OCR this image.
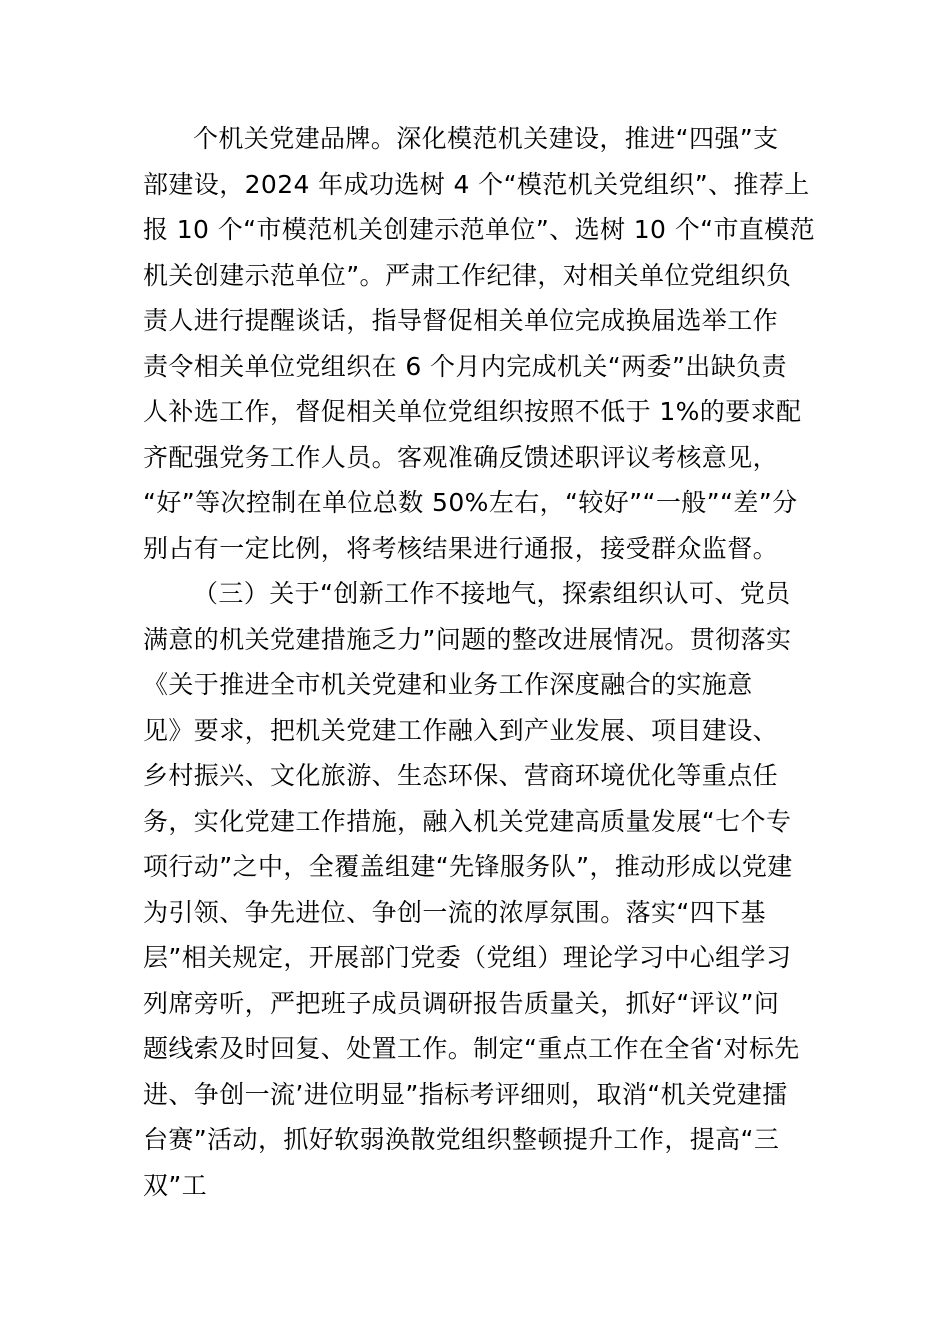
个机关党建品牌。深化模范机关建设，推进“四强”支
部建设，2024 年成功选树 4 个“模范机关党组织”、推荐上
报 10 个“市模范机关创建示范单位”、选树 10 个“市直模范
机关创建示范单位”。严肃工作纪律，对相关单位党组织负
责人进行提醒谈话，指导督促相关单位完成换届选举工作
责令相关单位党组织在 6 个月内完成机关“两委”出缺负责
人补选工作，督促相关单位党组织按照不低于 1%的要求配
齐配强党务工作人员。客观准确反馈述职评议考核意见，
“好”等次控制在单位总数 50%左右，“较好”“一般”“差”分
别占有一定比例，将考核结果进行通报，接受群众监督。
（三）关于“创新工作不接地气，探索组织认可、党员
满意的机关党建措施乏力”问题的整改进展情况。贯彻落实
《关于推进全市机关党建和业务工作深度融合的实施意
见》要求，把机关党建工作融入到产业发展、项目建设、
乡村振兴、文化旅游、生态环保、营商环境优化等重点任
务，实化党建工作措施，融入机关党建高质量发展“七个专
项行动”之中，全覆盖组建“先锋服务队”，推动形成以党建
为引领、争先进位、争创一流的浓厚氛围。落实“四下基
层”相关规定，开展部门党委（党组）理论学习中心组学习
列席旁听，严把班子成员调研报告质量关，抓好“评议”问
题线索及时回复、处置工作。制定“重点工作在全省‘对标先
进、争创一流’进位明显”指标考评细则，取消“机关党建擂
台赛”活动，抓好软弱涣散党组织整顿提升工作，提高“三
双”工
